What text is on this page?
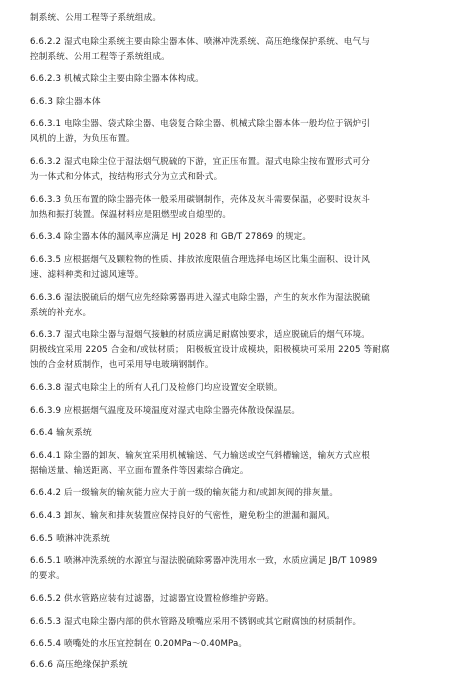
制系统、公用工程等子系统组成。
6.6.2.2 湿式电除尘系统主要由除尘器本体、喷淋冲洗系统、高压绝缘保护系统、电气与
控制系统、公用工程等子系统组成。
6.6.2.3 机械式除尘主要由除尘器本体构成。
6.6.3 除尘器本体
6.6.3.1 电除尘器、袋式除尘器、电袋复合除尘器、机械式除尘器本体一般均位于锅炉引
风机的上游，为负压布置。
6.6.3.2 湿式电除尘位于湿法烟气脱硫的下游，宜正压布置。湿式电除尘按布置形式可分
为一体式和分体式，按结构形式分为立式和卧式。
6.6.3.3 负压布置的除尘器壳体一般采用碳钢制作，壳体及灰斗需要保温，必要时设灰斗
加热和振打装置。保温材料应是阻燃型或自熄型的。
6.6.3.4 除尘器本体的漏风率应满足 HJ 2028 和 GB/T 27869 的规定。
6.6.3.5 应根据烟气及颗粒物的性质、排放浓度限值合理选择电场区比集尘面积、设计风
速、滤料种类和过滤风速等。
6.6.3.6 湿法脱硫后的烟气应先经除雾器再进入湿式电除尘器，产生的灰水作为湿法脱硫
系统的补充水。
6.6.3.7 湿式电除尘器与湿烟气接触的材质应满足耐腐蚀要求，适应脱硫后的烟气环境。
阴极线宜采用 2205 合金和/或钛材质； 阳极板宜设计成模块，阳极模块可采用 2205 等耐腐
蚀的合金材质制作，也可采用导电玻璃钢制作。
6.6.3.8 湿式电除尘上的所有人孔门及检修门均应设置安全联锁。
6.6.3.9 应根据烟气温度及环境温度对湿式电除尘器壳体散设保温层。
6.6.4 输灰系统
6.6.4.1 除尘器的卸灰、输灰宜采用机械输送、气力输送或空气斜槽输送，输灰方式应根
据输送量、输送距离、平立面布置条件等因素综合确定。
6.6.4.2 后一级输灰的输灰能力应大于前一级的输灰能力和/或卸灰阀的排灰量。
6.6.4.3 卸灰、输灰和排灰装置应保持良好的气密性，避免粉尘的泄漏和漏风。
6.6.5 喷淋冲洗系统
6.6.5.1 喷淋冲洗系统的水源宜与湿法脱硫除雾器冲洗用水一致，水质应满足 JB/T 10989
的要求。
6.6.5.2 供水管路应装有过滤器，过滤器宜设置检修维护旁路。
6.6.5.3 湿式电除尘器内部的供水管路及喷嘴应采用不锈钢或其它耐腐蚀的材质制作。
6.6.5.4 喷嘴处的水压宜控制在 0.20MPa～0.40MPa。
6.6.6 高压绝缘保护系统
